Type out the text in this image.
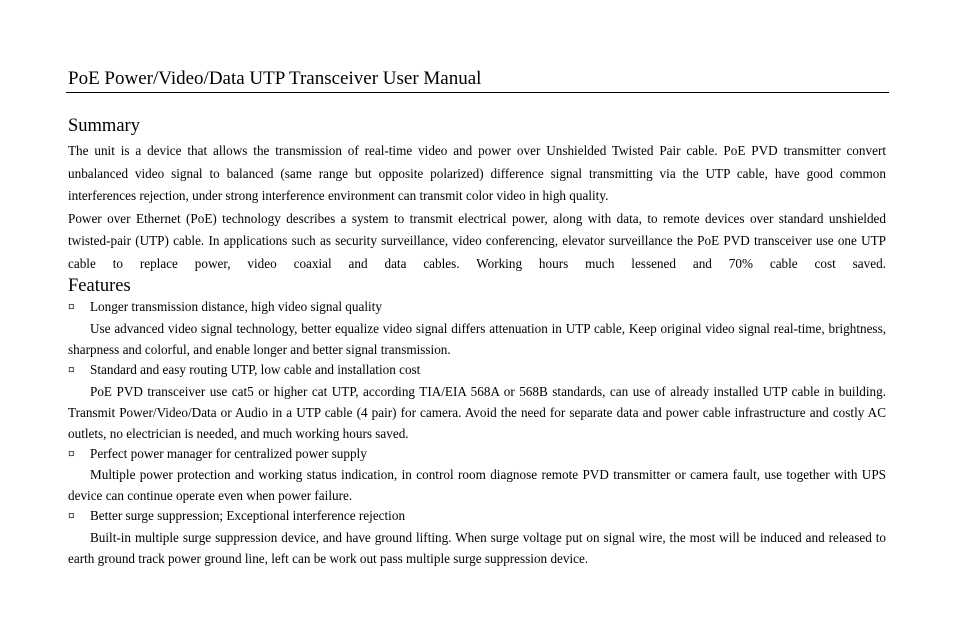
PoE Power/Video/Data UTP Transceiver User Manual
Summary

The unit is a device that allows the transmission of real-time video and power over Unshielded Twisted Pair cable. PoE PVD transmitter convert unbalanced video signal to balanced (same range but opposite polarized) difference signal transmitting via the UTP cable, have good common interferences rejection, under strong interference environment can transmit color video in high quality.

Power over Ethernet (PoE) technology describes a system to transmit electrical power, along with data, to remote devices over standard unshielded twisted-pair (UTP) cable. In applications such as security surveillance, video conferencing, elevator surveillance the PoE PVD transceiver use one UTP cable to replace power, video coaxial and data cables. Working hours much lessened and 70% cable cost saved.

Features
¤ Longer transmission distance, high video signal quality

Use advanced video signal technology, better equalize video signal differs attenuation in UTP cable, Keep original video signal real-time, brightness, sharpness and colorful, and enable longer and better signal transmission.

¤ Standard and easy routing UTP, low cable and installation cost

PoE PVD transceiver use cat5 or higher cat UTP, according TIA/EIA 568A or 568B standards, can use of already installed UTP cable in building. Transmit Power/Video/Data or Audio in a UTP cable (4 pair) for camera. Avoid the need for separate data and power cable infrastructure and costly AC outlets, no electrician is needed, and much working hours saved.

¤ Perfect power manager for centralized power supply

Multiple power protection and working status indication, in control room diagnose remote PVD transmitter or camera fault, use together with UPS device can continue operate even when power failure.

¤ Better surge suppression; Exceptional interference rejection

Built-in multiple surge suppression device, and have ground lifting. When surge voltage put on signal wire, the most will be induced and released to earth ground track power ground line, left can be work out pass multiple surge suppression device.
